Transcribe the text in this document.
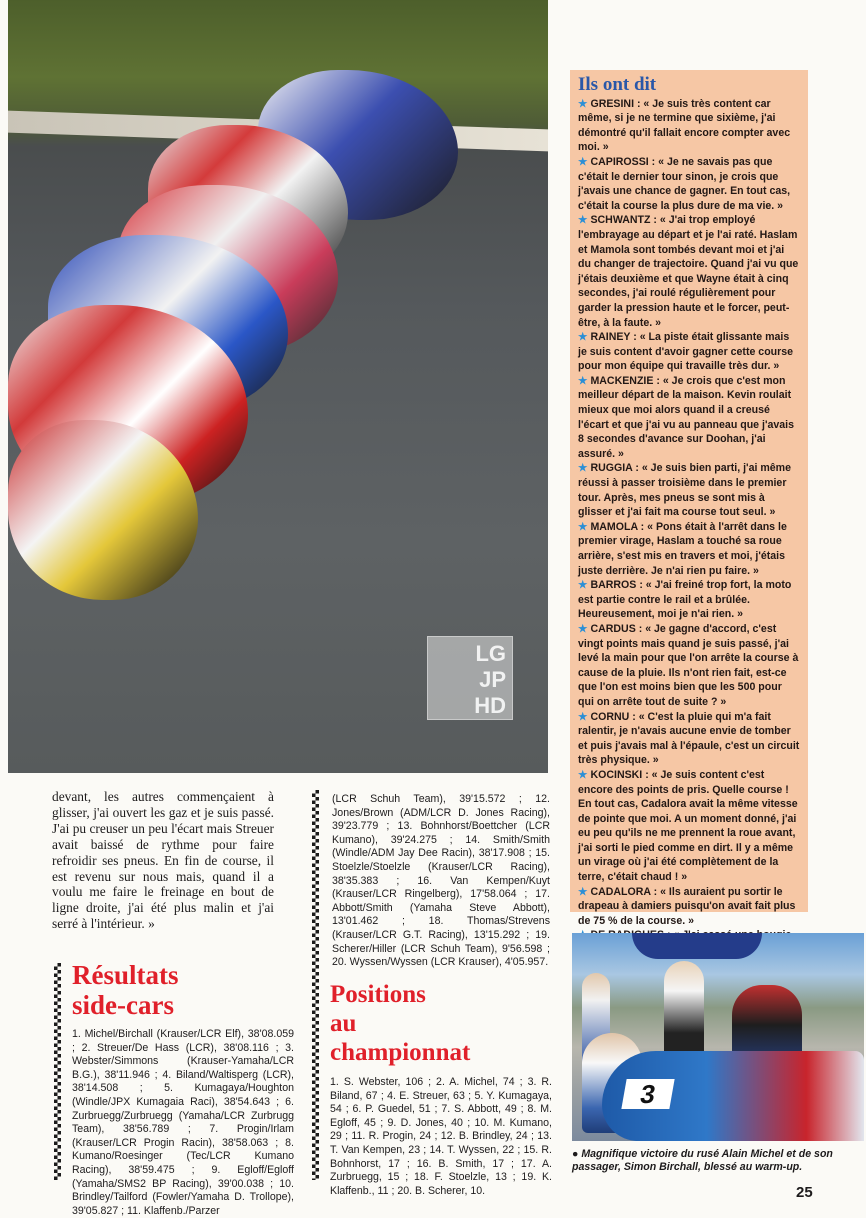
LG
JP
HD
Ils ont dit

★ GRESINI : « Je suis très content car même, si je ne termine que sixième, j'ai démontré qu'il fallait encore compter avec moi. »

★ CAPIROSSI : « Je ne savais pas que c'était le dernier tour sinon, je crois que j'avais une chance de gagner. En tout cas, c'était la course la plus dure de ma vie. »

★ SCHWANTZ : « J'ai trop employé l'embrayage au départ et je l'ai raté. Haslam et Mamola sont tombés devant moi et j'ai du changer de trajectoire. Quand j'ai vu que j'étais deuxième et que Wayne était à cinq secondes, j'ai roulé régulièrement pour garder la pression haute et le forcer, peut-être, à la faute. »

★ RAINEY : « La piste était glissante mais je suis content d'avoir gagner cette course pour mon équipe qui travaille très dur. »

★ MACKENZIE : « Je crois que c'est mon meilleur départ de la maison. Kevin roulait mieux que moi alors quand il a creusé l'écart et que j'ai vu au panneau que j'avais 8 secondes d'avance sur Doohan, j'ai assuré. »

★ RUGGIA : « Je suis bien parti, j'ai même réussi à passer troisième dans le premier tour. Après, mes pneus se sont mis à glisser et j'ai fait ma course tout seul. »

★ MAMOLA : « Pons était à l'arrêt dans le premier virage, Haslam a touché sa roue arrière, s'est mis en travers et moi, j'étais juste derrière. Je n'ai rien pu faire. »

★ BARROS : « J'ai freiné trop fort, la moto est partie contre le rail et a brûlée. Heureusement, moi je n'ai rien. »

★ CARDUS : « Je gagne d'accord, c'est vingt points mais quand je suis passé, j'ai levé la main pour que l'on arrête la course à cause de la pluie. Ils n'ont rien fait, est-ce que l'on est moins bien que les 500 pour qui on arrête tout de suite ? »

★ CORNU : « C'est la pluie qui m'a fait ralentir, je n'avais aucune envie de tomber et puis j'avais mal à l'épaule, c'est un circuit très physique. »

★ KOCINSKI : « Je suis content c'est encore des points de pris. Quelle course ! En tout cas, Cadalora avait la même vitesse de pointe que moi. A un moment donné, j'ai eu peu qu'ils ne me prennent la roue avant, j'ai sorti le pied comme en dirt. Il y a même un virage où j'ai été complètement de la terre, c'était chaud ! »

★ CADALORA : « Ils auraient pu sortir le drapeau à damiers puisqu'on avait fait plus de 75 % de la course. »

devant, les autres commençaient à glisser, j'ai ouvert les gaz et je suis passé. J'ai pu creuser un peu l'écart mais Streuer avait baissé de rythme pour faire refroidir ses pneus. En fin de course, il est revenu sur nous mais, quand il a voulu me faire le freinage en bout de ligne droite, j'ai été plus malin et j'ai serré à l'intérieur. »
(LCR Schuh Team), 39'15.572 ; 12. Jones/Brown (ADM/LCR D. Jones Racing), 39'23.779 ; 13. Bohnhorst/Boettcher (LCR Kumano), 39'24.275 ; 14. Smith/Smith (Windle/ADM Jay Dee Racin), 38'17.908 ; 15. Stoelzle/Stoelzle (Krauser/LCR Racing), 38'35.383 ; 16. Van Kempen/Kuyt (Krauser/LCR Ringelberg), 17'58.064 ; 17. Abbott/Smith (Yamaha Steve Abbott), 13'01.462 ; 18. Thomas/Strevens (Krauser/LCR G.T. Racing), 13'15.292 ; 19. Scherer/Hiller (LCR Schuh Team), 9'56.598 ; 20. Wyssen/Wyssen (LCR Krauser), 4'05.957.
Résultats
side-cars
1. Michel/Birchall (Krauser/LCR Elf), 38'08.059 ; 2. Streuer/De Hass (LCR), 38'08.116 ; 3. Webster/Simmons (Krauser-Yamaha/LCR B.G.), 38'11.946 ; 4. Biland/Waltisperg (LCR), 38'14.508 ; 5. Kumagaya/Houghton (Windle/JPX Kumagaia Raci), 38'54.643 ; 6. Zurbruegg/Zurbruegg (Yamaha/LCR Zurbrugg Team), 38'56.789 ; 7. Progin/Irlam (Krauser/LCR Progin Racin), 38'58.063 ; 8. Kumano/Roesinger (Tec/LCR Kumano Racing), 38'59.475 ; 9. Egloff/Egloff (Yamaha/SMS2 BP Racing), 39'00.038 ; 10. Brindley/Tailford (Fowler/Yamaha D. Trollope), 39'05.827 ; 11. Klaffenb./Parzer
Positions
au
championnat
1. S. Webster, 106 ; 2. A. Michel, 74 ; 3. R. Biland, 67 ; 4. E. Streuer, 63 ; 5. Y. Kumagaya, 54 ; 6. P. Guedel, 51 ; 7. S. Abbott, 49 ; 8. M. Egloff, 45 ; 9. D. Jones, 40 ; 10. M. Kumano, 29 ; 11. R. Progin, 24 ; 12. B. Brindley, 24 ; 13. T. Van Kempen, 23 ; 14. T. Wyssen, 22 ; 15. R. Bohnhorst, 17 ; 16. B. Smith, 17 ; 17. A. Zurbruegg, 15 ; 18. F. Stoelzle, 13 ; 19. K. Klaffenb., 11 ; 20. B. Scherer, 10.
3
● Magnifique victoire du rusé Alain Michel et de son passager, Simon Birchall, blessé au warm-up.
25
